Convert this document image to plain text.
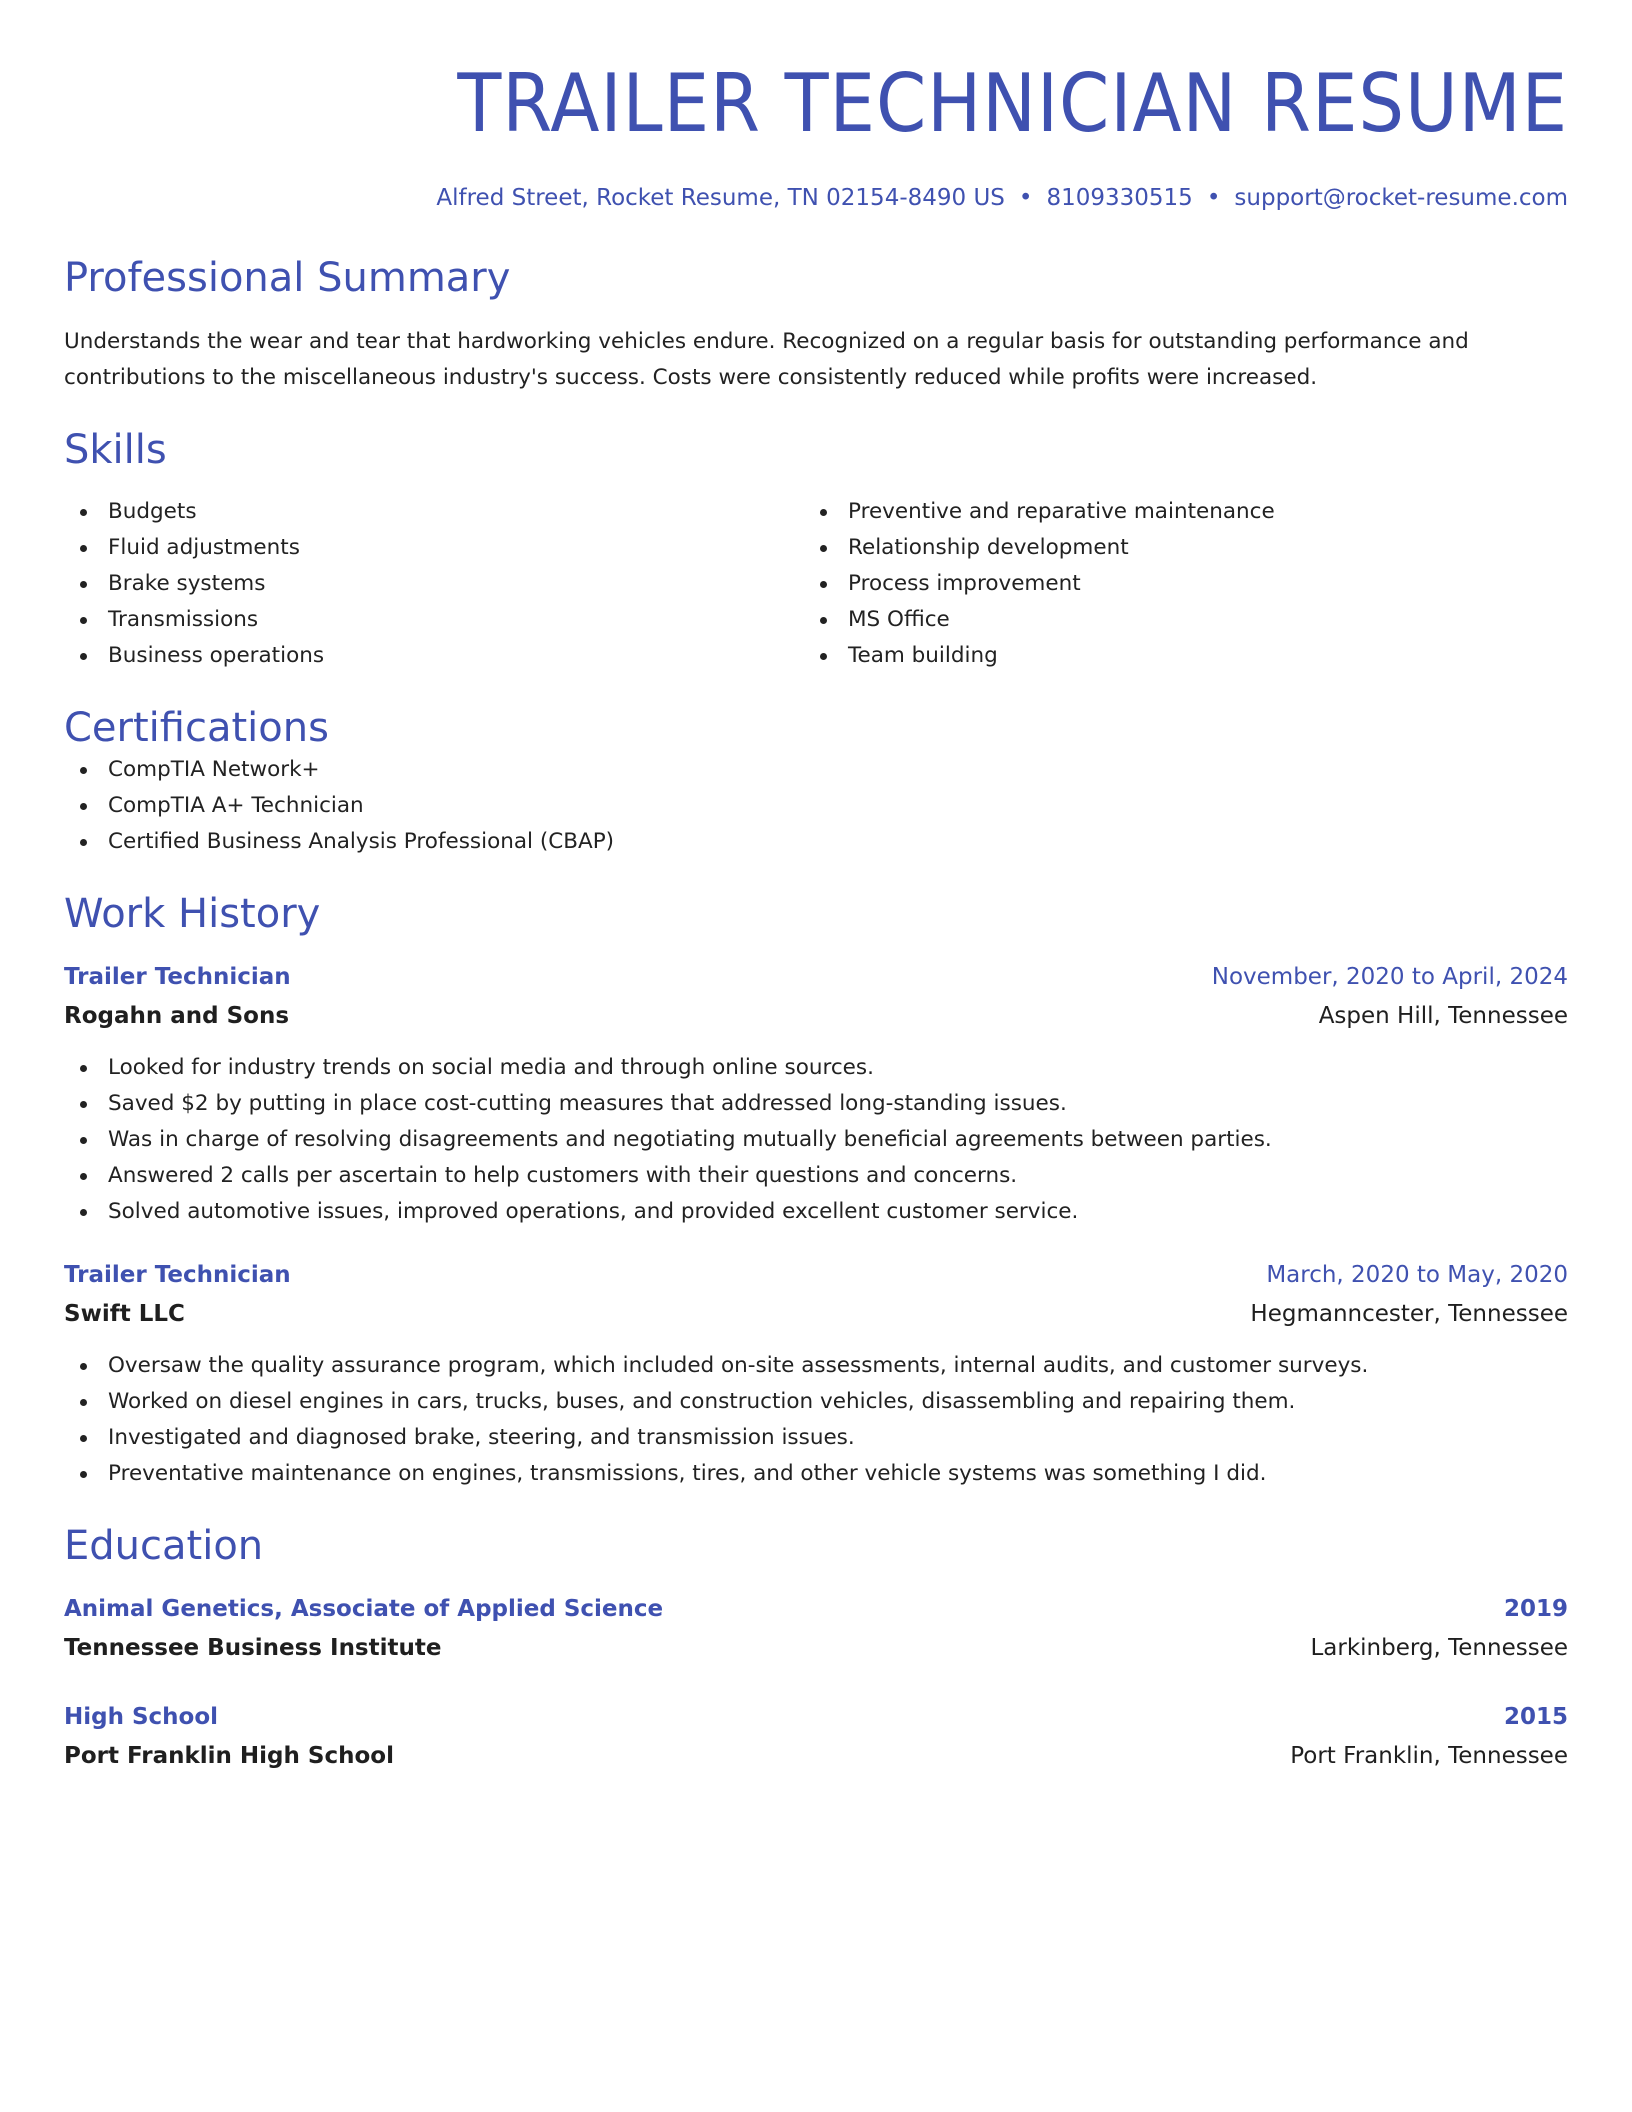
TRAILER TECHNICIAN RESUME
Alfred Street, Rocket Resume, TN 02154-8490 US • 8109330515 • support@rocket-resume.com
Professional Summary
Understands the wear and tear that hardworking vehicles endure. Recognized on a regular basis for outstanding performance and contributions to the miscellaneous industry's success. Costs were consistently reduced while profits were increased.
Skills
Budgets
Fluid adjustments
Brake systems
Transmissions
Business operations
Preventive and reparative maintenance
Relationship development
Process improvement
MS Office
Team building
Certifications
CompTIA Network+
CompTIA A+ Technician
Certified Business Analysis Professional (CBAP)
Work History
Trailer Technician	November, 2020 to April, 2024
Rogahn and Sons	Aspen Hill, Tennessee
Looked for industry trends on social media and through online sources.
Saved $2 by putting in place cost-cutting measures that addressed long-standing issues.
Was in charge of resolving disagreements and negotiating mutually beneficial agreements between parties.
Answered 2 calls per ascertain to help customers with their questions and concerns.
Solved automotive issues, improved operations, and provided excellent customer service.
Trailer Technician	March, 2020 to May, 2020
Swift LLC	Hegmanncester, Tennessee
Oversaw the quality assurance program, which included on-site assessments, internal audits, and customer surveys.
Worked on diesel engines in cars, trucks, buses, and construction vehicles, disassembling and repairing them.
Investigated and diagnosed brake, steering, and transmission issues.
Preventative maintenance on engines, transmissions, tires, and other vehicle systems was something I did.
Education
Animal Genetics, Associate of Applied Science	2019
Tennessee Business Institute	Larkinberg, Tennessee
High School	2015
Port Franklin High School	Port Franklin, Tennessee
